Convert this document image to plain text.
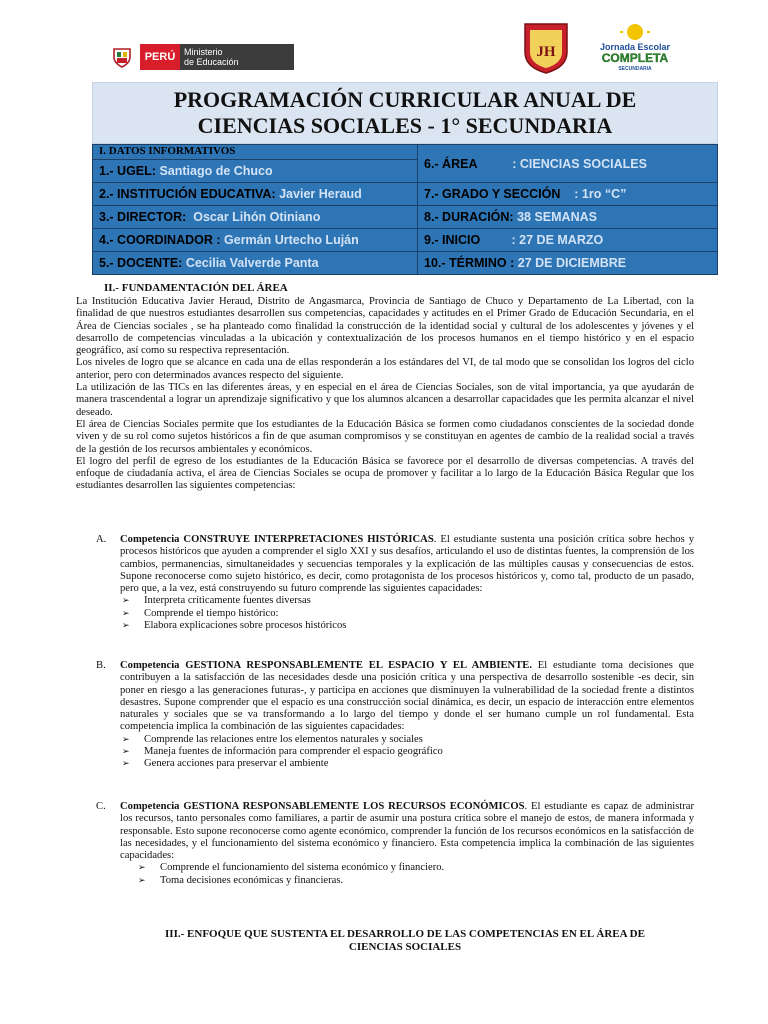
PERÚ Ministerio
de Educación
JH	Jornada Escolar
COMPLETA
SECUNDARIA
PROGRAMACIÓN CURRICULAR ANUAL DE
CIENCIAS SOCIALES - 1° SECUNDARIA
I. DATOS INFORMATIVOS	6.- ÁREA : CIENCIAS SOCIALES
1.- UGEL: Santiago de Chuco	
2.- INSTITUCIÓN EDUCATIVA: Javier Heraud	7.- GRADO Y SECCIÓN : 1ro “C”
3.- DIRECTOR: Oscar Lihón Otiniano	8.- DURACIÓN: 38 SEMANAS
4.- COORDINADOR : Germán Urtecho Luján	9.- INICIO : 27 DE MARZO
5.- DOCENTE: Cecilia Valverde Panta	10.- TÉRMINO : 27 DE DICIEMBRE
II.- FUNDAMENTACIÓN DEL ÁREA

La Institución Educativa Javier Heraud, Distrito de Angasmarca, Provincia de Santiago de Chuco y Departamento de La Libertad, con la finalidad de que nuestros estudiantes desarrollen sus competencias, capacidades y actitudes en el Primer Grado de Educación Secundaria, en el Área de Ciencias sociales , se ha planteado como finalidad la construcción de la identidad social y cultural de los adolescentes y jóvenes y el desarrollo de competencias vinculadas a la ubicación y contextualización de los procesos humanos en el tiempo histórico y en el espacio geográfico, así como su respectiva representación.

Los niveles de logro que se alcance en cada una de ellas responderán a los estándares del VI, de tal modo que se consolidan los logros del ciclo anterior, pero con determinados avances respecto del siguiente.

La utilización de las TICs en las diferentes áreas, y en especial en el área de Ciencias Sociales, son de vital importancia, ya que ayudarán de manera trascendental a lograr un aprendizaje significativo y que los alumnos alcancen a desarrollar capacidades que les permita alcanzar el nivel deseado.

El área de Ciencias Sociales permite que los estudiantes de la Educación Básica se formen como ciudadanos conscientes de la sociedad donde viven y de su rol como sujetos históricos a fin de que asuman compromisos y se constituyan en agentes de cambio de la realidad social a través de la gestión de los recursos ambientales y económicos.

El logro del perfil de egreso de los estudiantes de la Educación Básica se favorece por el desarrollo de diversas competencias. A través del enfoque de ciudadanía activa, el área de Ciencias Sociales se ocupa de promover y facilitar a lo largo de la Educación Básica Regular que los estudiantes desarrollen las siguientes competencias:

A. Competencia CONSTRUYE INTERPRETACIONES HISTÓRICAS. El estudiante sustenta una posición crítica sobre hechos y procesos históricos que ayuden a comprender el siglo XXI y sus desafíos, articulando el uso de distintas fuentes, la comprensión de los cambios, permanencias, simultaneidades y secuencias temporales y la explicación de las múltiples causas y consecuencias de estos. Supone reconocerse como sujeto histórico, es decir, como protagonista de los procesos históricos y, como tal, producto de un pasado, pero que, a la vez, está construyendo su futuro comprende las siguientes capacidades:
➢ Interpreta críticamente fuentes diversas
➢ Comprende el tiempo histórico:
➢ Elabora explicaciones sobre procesos históricos
B. Competencia GESTIONA RESPONSABLEMENTE EL ESPACIO Y EL AMBIENTE. El estudiante toma decisiones que contribuyen a la satisfacción de las necesidades desde una posición crítica y una perspectiva de desarrollo sostenible -es decir, sin poner en riesgo a las generaciones futuras-, y participa en acciones que disminuyen la vulnerabilidad de la sociedad frente a distintos desastres. Supone comprender que el espacio es una construcción social dinámica, es decir, un espacio de interacción entre elementos naturales y sociales que se va transformando a lo largo del tiempo y donde el ser humano cumple un rol fundamental. Esta competencia implica la combinación de las siguientes capacidades:
➢ Comprende las relaciones entre los elementos naturales y sociales
➢ Maneja fuentes de información para comprender el espacio geográfico
➢ Genera acciones para preservar el ambiente
C. Competencia GESTIONA RESPONSABLEMENTE LOS RECURSOS ECONÓMICOS. El estudiante es capaz de administrar los recursos, tanto personales como familiares, a partir de asumir una postura crítica sobre el manejo de estos, de manera informada y responsable. Esto supone reconocerse como agente económico, comprender la función de los recursos económicos en la satisfacción de las necesidades, y el funcionamiento del sistema económico y financiero. Esta competencia implica la combinación de las siguientes capacidades:
➢ Comprende el funcionamiento del sistema económico y financiero.
➢ Toma decisiones económicas y financieras.
III.- ENFOQUE QUE SUSTENTA EL DESARROLLO DE LAS COMPETENCIAS EN EL ÁREA DE
CIENCIAS SOCIALES
